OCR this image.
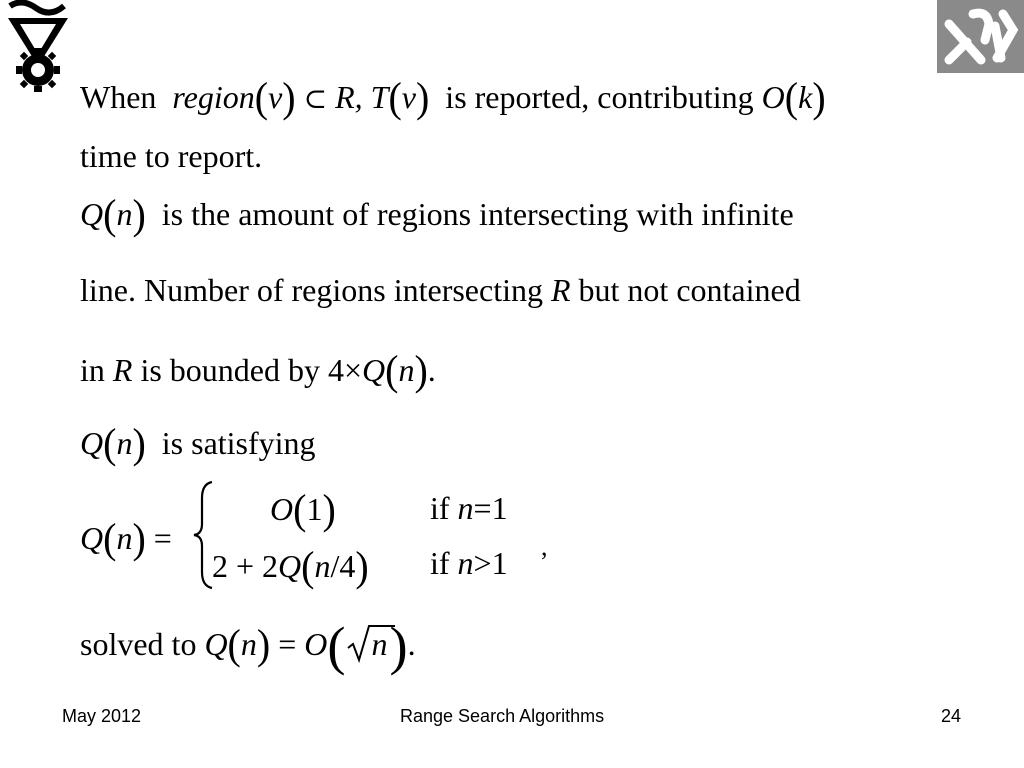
When region(v) ⊂ R, T(v) is reported, contributing O(k)
time to report.
Q(n) is the amount of regions intersecting with infinite
line. Number of regions intersecting R but not contained
in R is bounded by 4×Q(n).
Q(n) is satisfying
Q(n) =
O(1)	if n=1
2 + 2Q(n/4) if n>1 ,
solved to Q(n) = O( n).
May 2012	Range Search Algorithms	24
